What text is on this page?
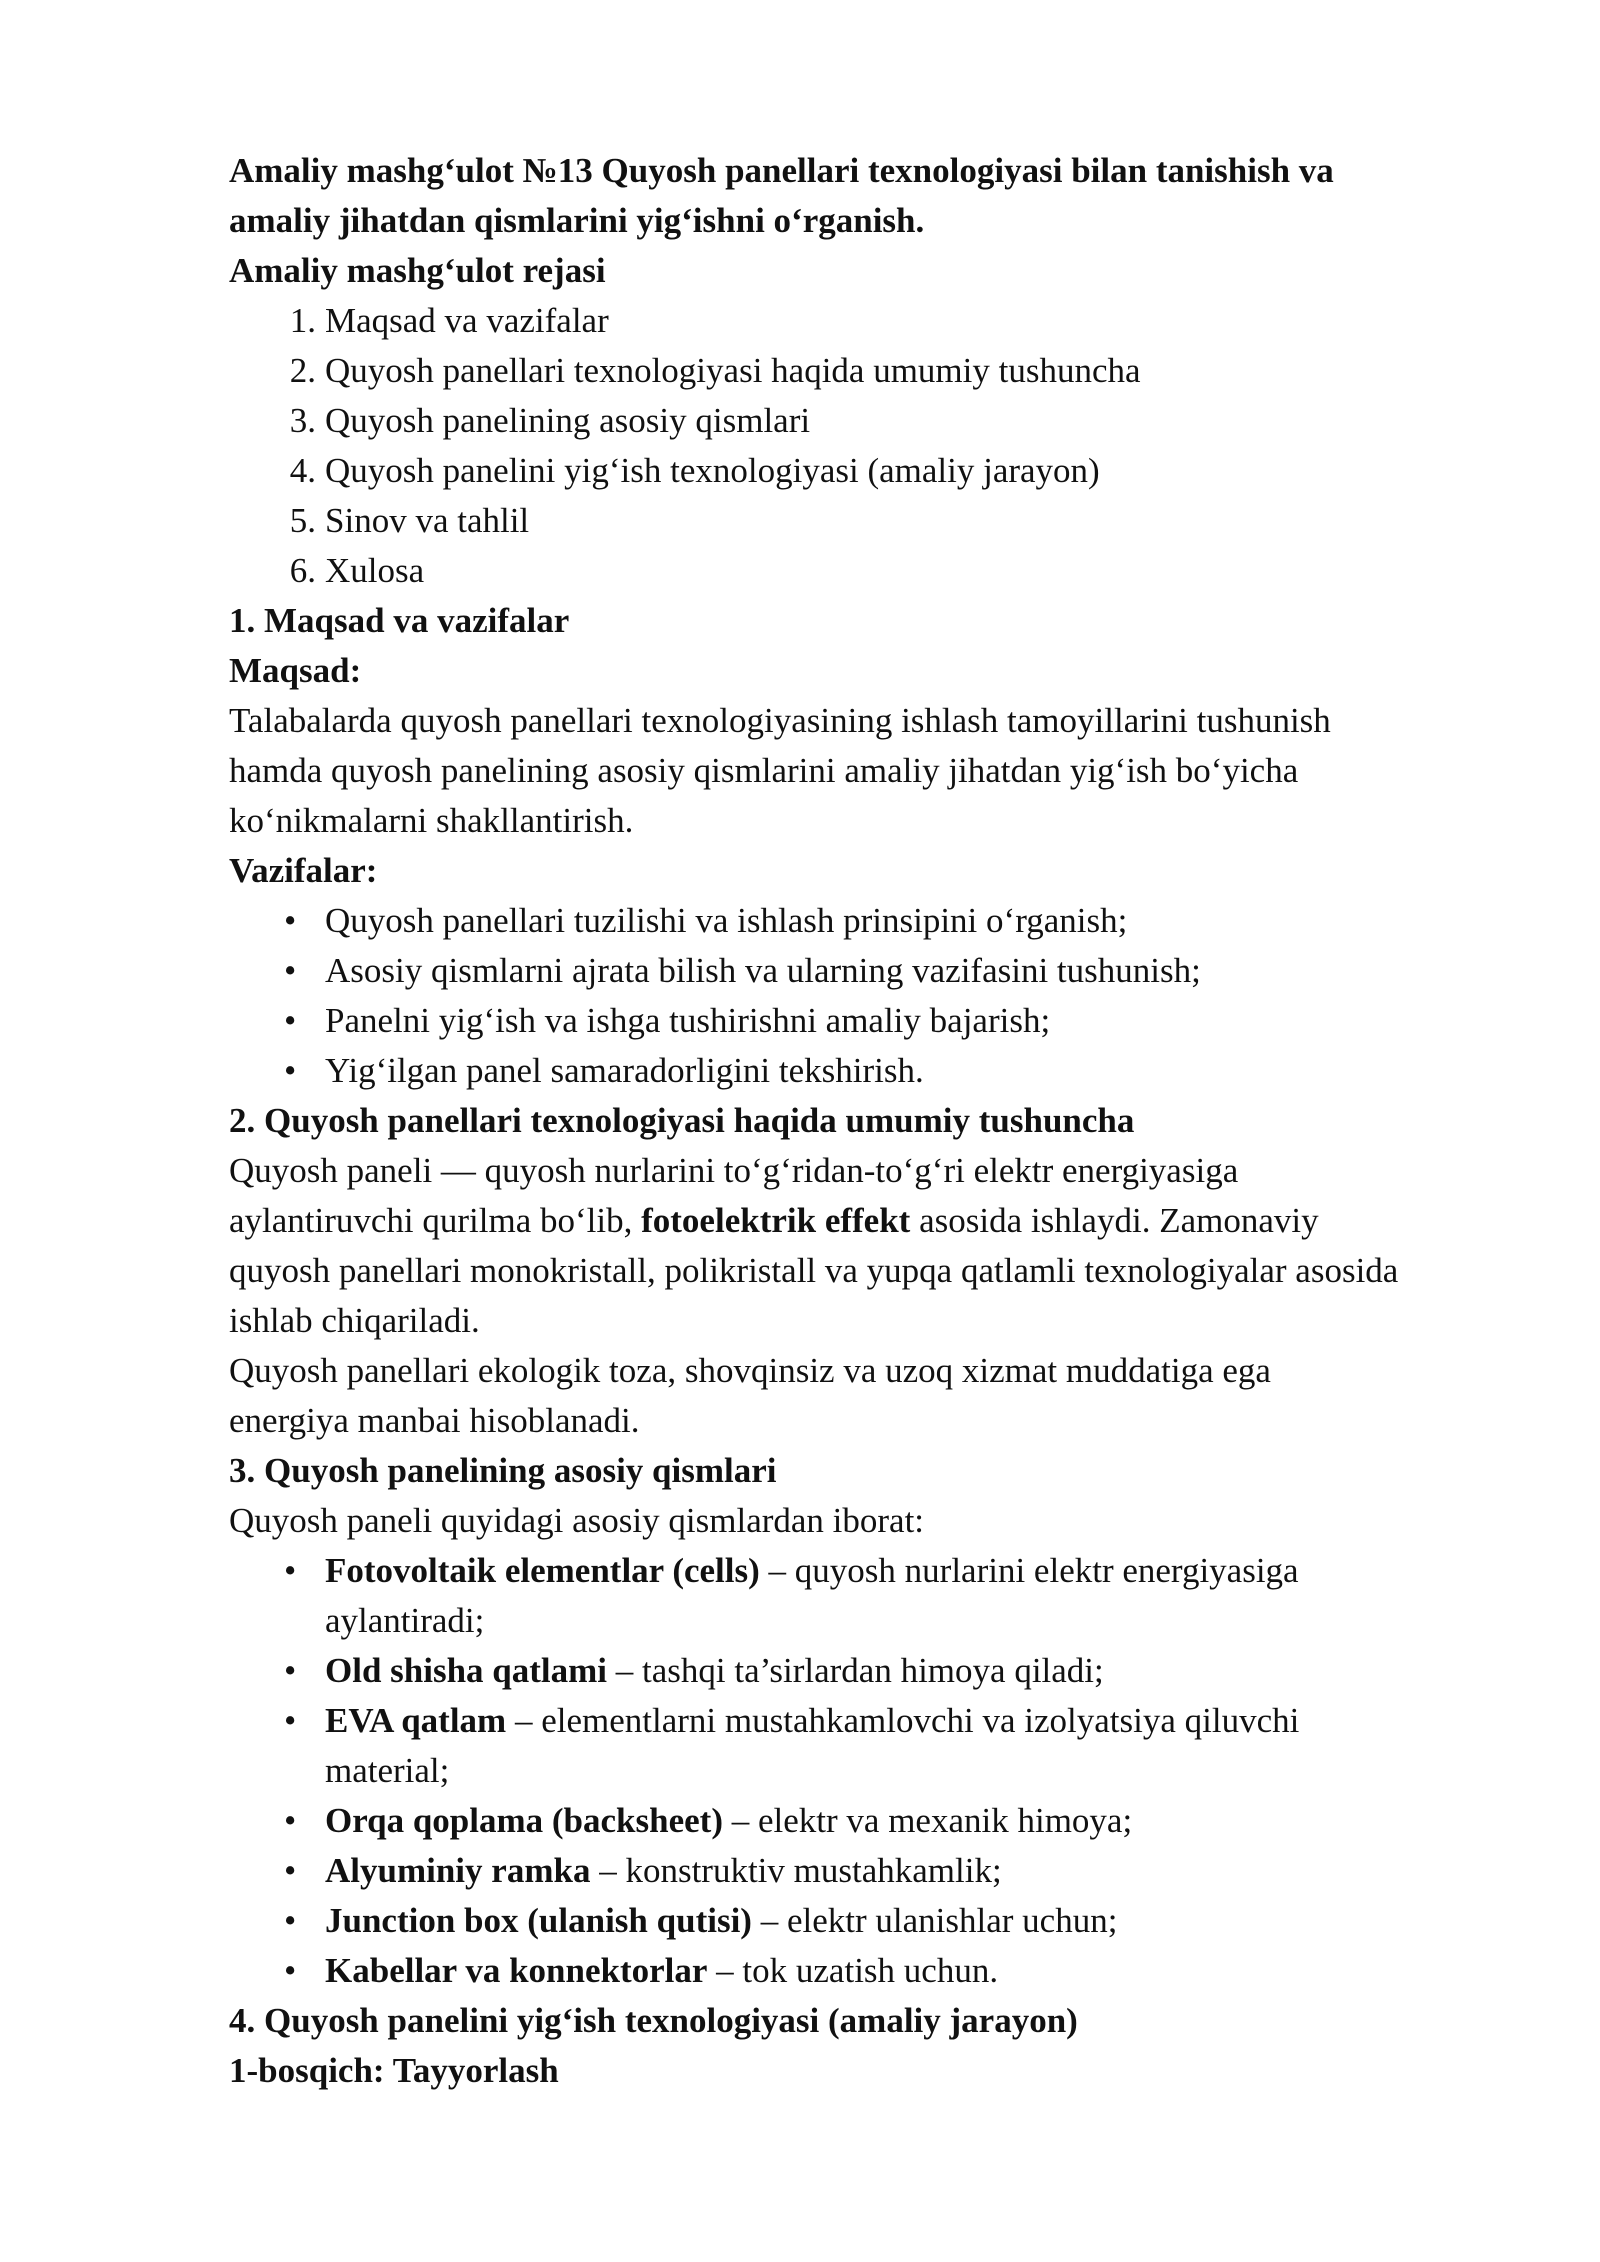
Amaliy mashg‘ulot №13 Quyosh panellari texnologiyasi bilan tanishish va

amaliy jihatdan qismlarini yig‘ishni o‘rganish.

Amaliy mashg‘ulot rejasi

1. Maqsad va vazifalar
2. Quyosh panellari texnologiyasi haqida umumiy tushuncha
3. Quyosh panelining asosiy qismlari
4. Quyosh panelini yig‘ish texnologiyasi (amaliy jarayon)
5. Sinov va tahlil
6. Xulosa

1. Maqsad va vazifalar

Maqsad:

Talabalarda quyosh panellari texnologiyasining ishlash tamoyillarini tushunish

hamda quyosh panelining asosiy qismlarini amaliy jihatdan yig‘ish bo‘yicha

ko‘nikmalarni shakllantirish.

Vazifalar:

• Quyosh panellari tuzilishi va ishlash prinsipini o‘rganish;
• Asosiy qismlarni ajrata bilish va ularning vazifasini tushunish;
• Panelni yig‘ish va ishga tushirishni amaliy bajarish;
• Yig‘ilgan panel samaradorligini tekshirish.

2. Quyosh panellari texnologiyasi haqida umumiy tushuncha

Quyosh paneli — quyosh nurlarini to‘g‘ridan-to‘g‘ri elektr energiyasiga

aylantiruvchi qurilma bo‘lib, fotoelektrik effekt asosida ishlaydi. Zamonaviy

quyosh panellari monokristall, polikristall va yupqa qatlamli texnologiyalar asosida

ishlab chiqariladi.

Quyosh panellari ekologik toza, shovqinsiz va uzoq xizmat muddatiga ega

energiya manbai hisoblanadi.

3. Quyosh panelining asosiy qismlari

Quyosh paneli quyidagi asosiy qismlardan iborat:

• Fotovoltaik elementlar (cells) – quyosh nurlarini elektr energiyasiga
aylantiradi;
• Old shisha qatlami – tashqi ta’sirlardan himoya qiladi;
• EVA qatlam – elementlarni mustahkamlovchi va izolyatsiya qiluvchi
material;
• Orqa qoplama (backsheet) – elektr va mexanik himoya;
• Alyuminiy ramka – konstruktiv mustahkamlik;
• Junction box (ulanish qutisi) – elektr ulanishlar uchun;
• Kabellar va konnektorlar – tok uzatish uchun.

4. Quyosh panelini yig‘ish texnologiyasi (amaliy jarayon)

1-bosqich: Tayyorlash
